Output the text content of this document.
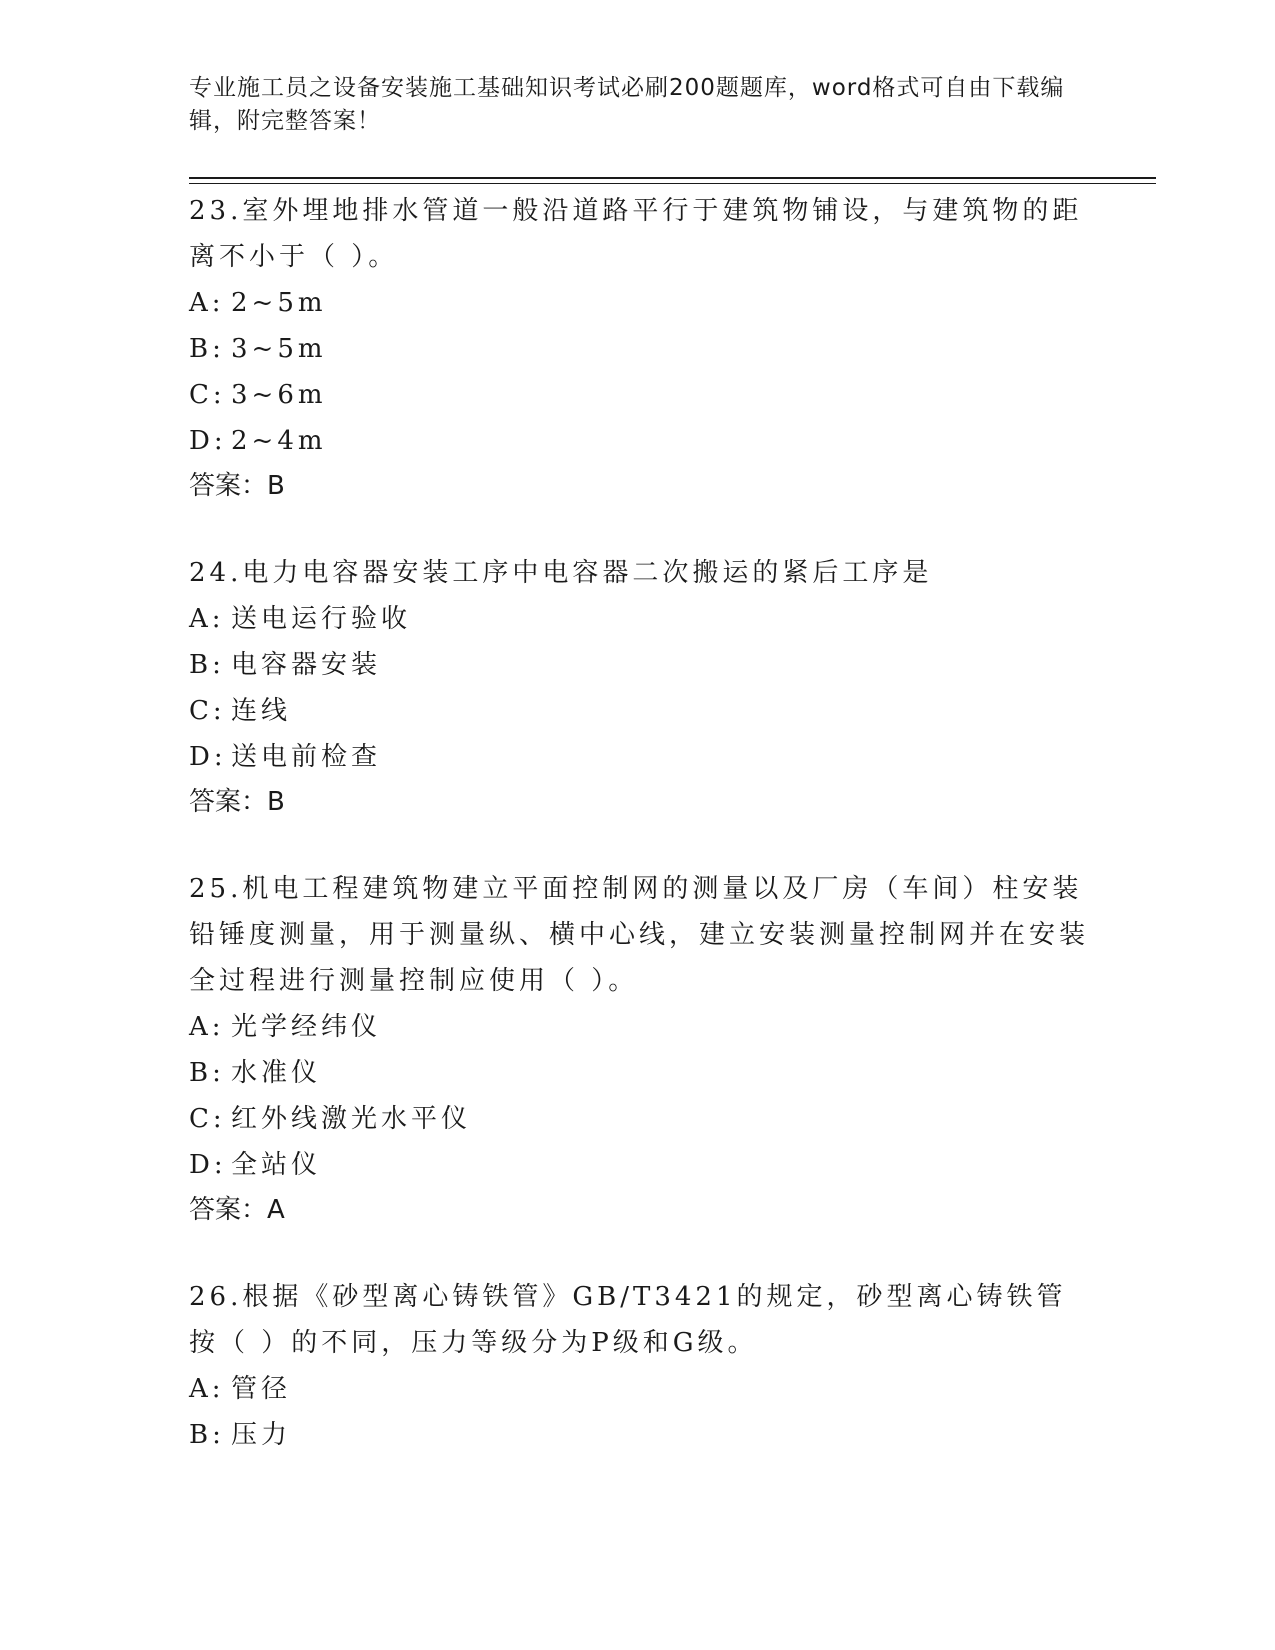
专业施工员之设备安装施工基础知识考试必刷200题题库，word格式可自由下载编辑，附完整答案！

23.室外埋地排水管道一般沿道路平行于建筑物铺设，与建筑物的距离不小于（ ）。

A: 2~5m

B: 3~5m

C: 3~6m

D: 2~4m

答案：B

24.电力电容器安装工序中电容器二次搬运的紧后工序是

A: 送电运行验收

B: 电容器安装

C: 连线

D: 送电前检查

答案：B

25.机电工程建筑物建立平面控制网的测量以及厂房（车间）柱安装铅锤度测量，用于测量纵、横中心线，建立安装测量控制网并在安装全过程进行测量控制应使用（ ）。

A: 光学经纬仪

B: 水准仪

C: 红外线激光水平仪

D: 全站仪

答案：A

26.根据《砂型离心铸铁管》GB/T3421的规定，砂型离心铸铁管按（ ）的不同，压力等级分为P级和G级。

A: 管径

B: 压力
